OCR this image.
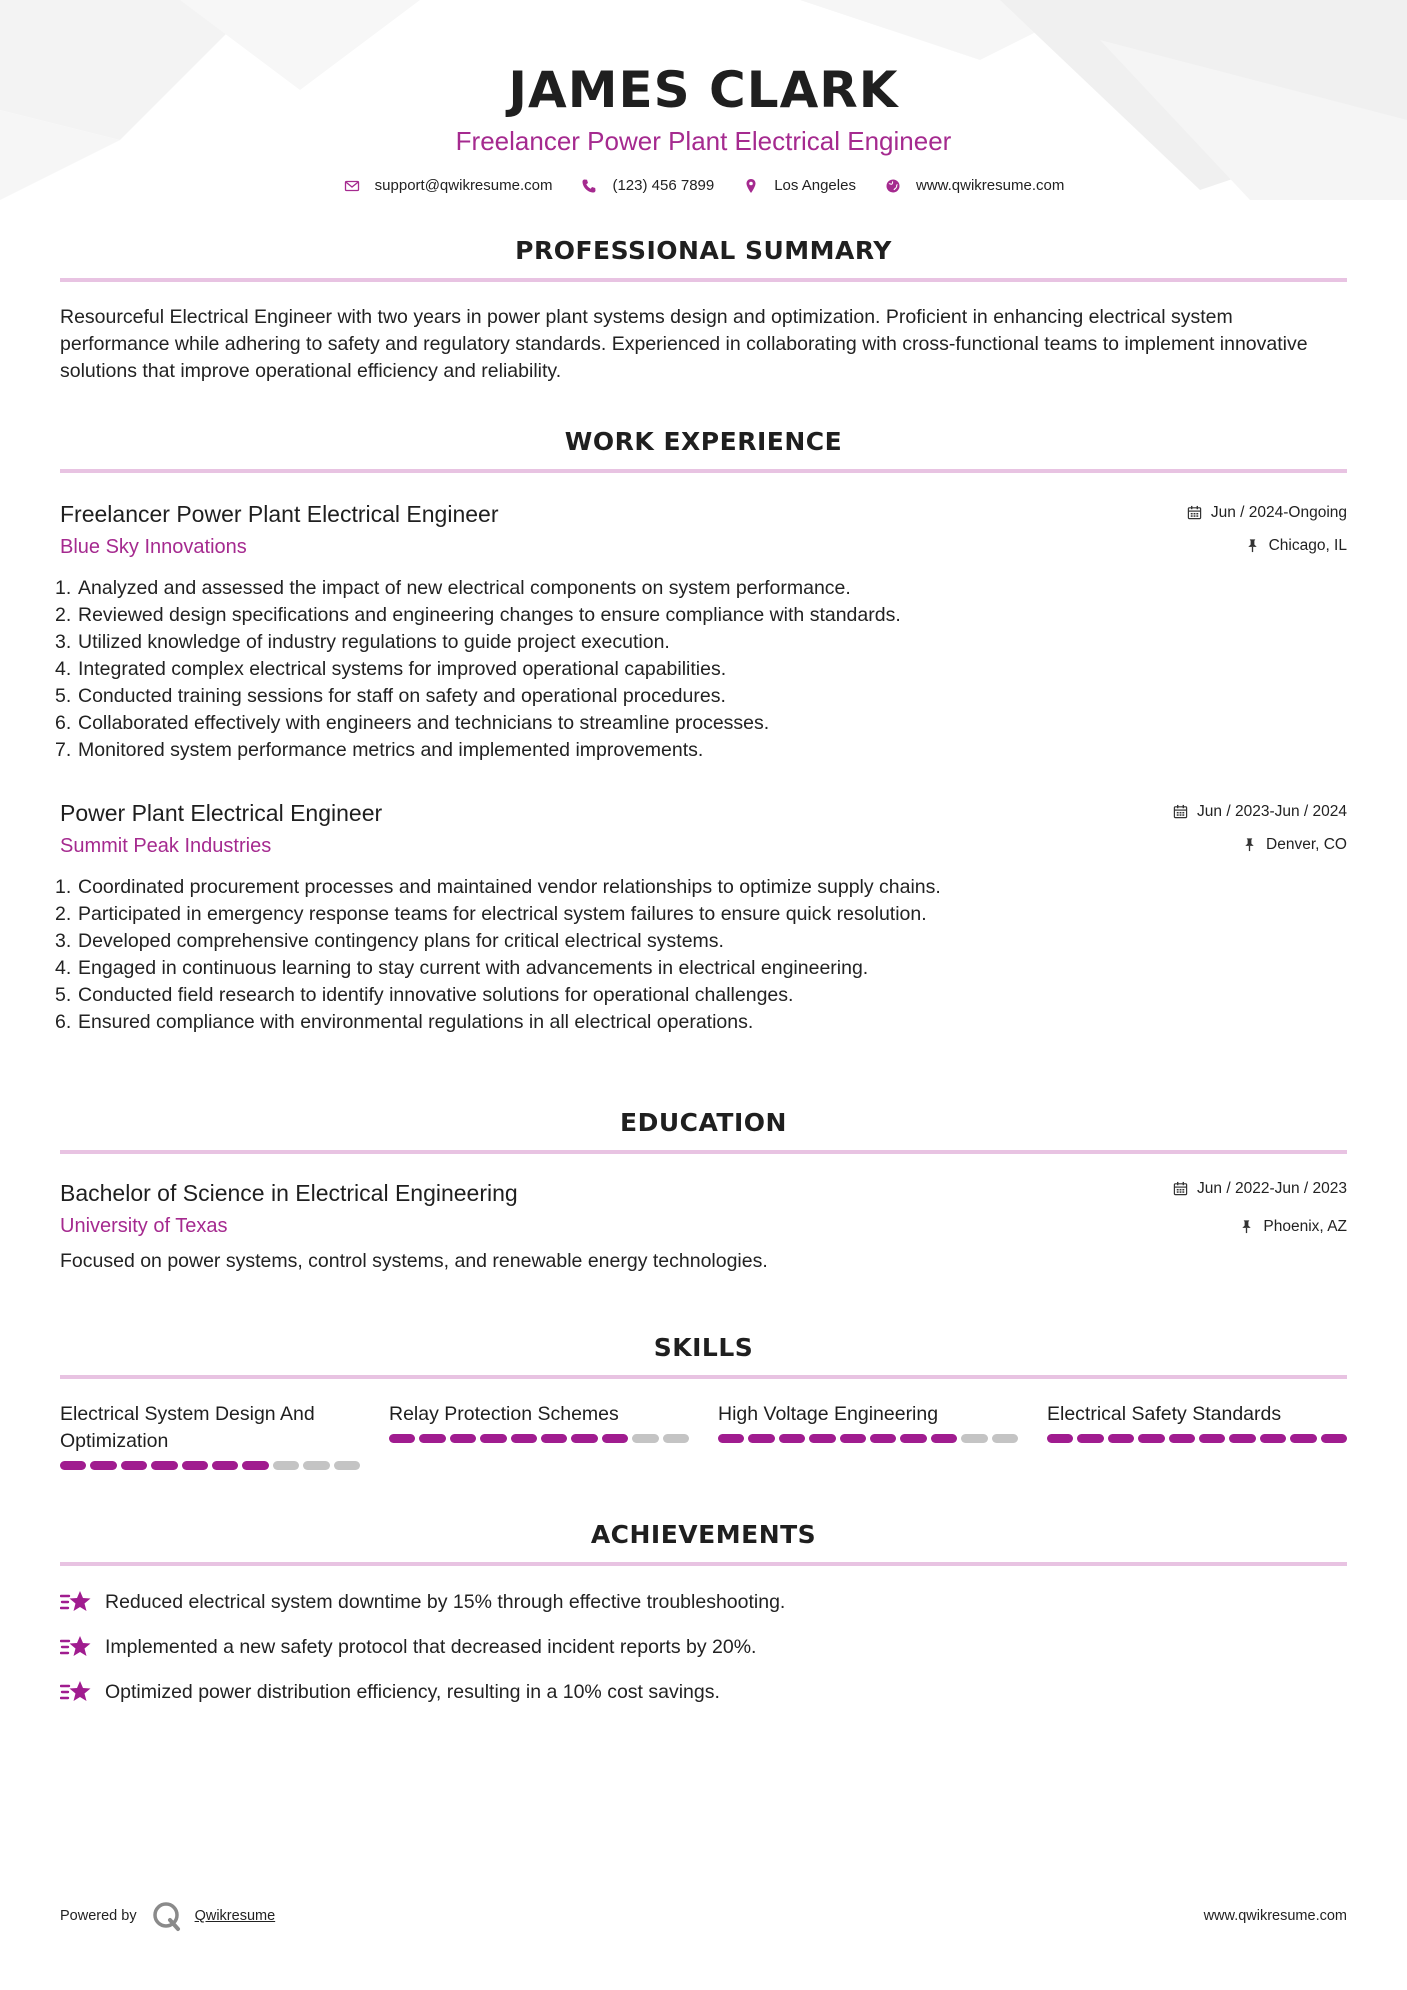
JAMES CLARK
Freelancer Power Plant Electrical Engineer
support@qwikresume.com	(123) 456 7899	Los Angeles	www.qwikresume.com
PROFESSIONAL SUMMARY

Resourceful Electrical Engineer with two years in power plant systems design and optimization. Proficient in enhancing electrical system performance while adhering to safety and regulatory standards. Experienced in collaborating with cross-functional teams to implement innovative solutions that improve operational efficiency and reliability.

WORK EXPERIENCE
Freelancer Power Plant Electrical Engineer
Blue Sky Innovations
Jun / 2024-Ongoing
Chicago, IL
1. Analyzed and assessed the impact of new electrical components on system performance.
2. Reviewed design specifications and engineering changes to ensure compliance with standards.
3. Utilized knowledge of industry regulations to guide project execution.
4. Integrated complex electrical systems for improved operational capabilities.
5. Conducted training sessions for staff on safety and operational procedures.
6. Collaborated effectively with engineers and technicians to streamline processes.
7. Monitored system performance metrics and implemented improvements.
Power Plant Electrical Engineer
Summit Peak Industries
Jun / 2023-Jun / 2024
Denver, CO
1. Coordinated procurement processes and maintained vendor relationships to optimize supply chains.
2. Participated in emergency response teams for electrical system failures to ensure quick resolution.
3. Developed comprehensive contingency plans for critical electrical systems.
4. Engaged in continuous learning to stay current with advancements in electrical engineering.
5. Conducted field research to identify innovative solutions for operational challenges.
6. Ensured compliance with environmental regulations in all electrical operations.
EDUCATION
Bachelor of Science in Electrical Engineering
University of Texas
Jun / 2022-Jun / 2023
Phoenix, AZ

Focused on power systems, control systems, and renewable energy technologies.

SKILLS
Electrical System Design And Optimization
Relay Protection Schemes	High Voltage Engineering	Electrical Safety Standards
ACHIEVEMENTS
Reduced electrical system downtime by 15% through effective troubleshooting.
Implemented a new safety protocol that decreased incident reports by 20%.
Optimized power distribution efficiency, resulting in a 10% cost savings.
Powered by	Qwikresume	www.qwikresume.com
